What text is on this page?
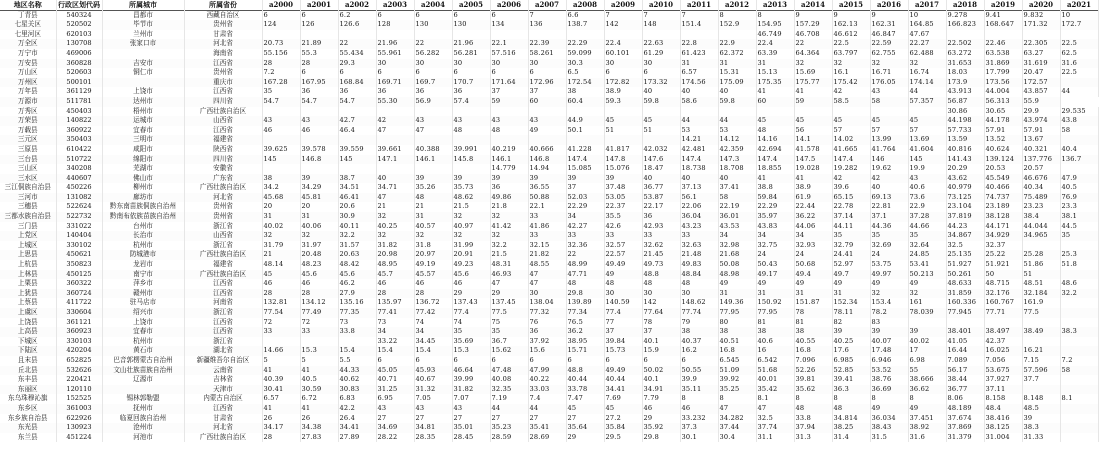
地区名称	行政区划代码	所属城市	所属省份	a2000	a2001	a2002	a2003	a2004	a2005	a2006	a2007	a2008	a2009	a2010	a2011	a2012	a2013	a2014	a2015	a2016	a2017	a2018	a2019	a2020	a2021
丁青县	540324	昌都市	西藏自治区	6	6	6.2	6	6	6	6	7	6.6	7	7	7	8	8	9	9	9	10	9.278	9.41	9.832	10
七星关区	520502	毕节市	贵州省	124	126	126.6	128	130	130	134	136	138.7	142	148	151.4	152.9	154.95	157.29	162.13	162.31	164.85	166.823	168.647	171.32	172.7
七里河区	620103	兰州市	甘肃省														46.749	46.708	46.612	46.847	47.67				
万全区	130708	张家口市	河北省	20.73	21.89	22	21.96	22	21.96	22.1	22.39	22.29	22.4	22.63	22.8	22.9	22.4	22	22.5	22.59	22.27	22.502	22.46	22.305	22.5
万宁市	469006		海南省	55.156	55.3	55.434	55.961	56.282	56.281	57.516	58.261	59.099	60.101	61.29	61.423	62.372	63.39	64.364	63.797	62.755	62.488	63.272	63.538	63.27	62.5
万安县	360828	吉安市	江西省	28	28	29.3	30	30	30	30	30	30.3	30	30	31	31	31	32	32	32	32	31.653	31.869	31.619	31.6
万山区	520603	铜仁市	贵州省	7.2	6	6	6	6	6	6	6	6.5	6	6	6.57	15.31	15.13	15.69	16.1	16.71	16.74	18.03	17.799	20.47	22.5
万州区	500101		重庆市	167.28	167.95	168.84	169.71	169.7	170.7	171.64	172.96	172.54	172.82	173.32	174.56	175.09	175.35	175.77	175.42	176.05	174.14	173.9	173.56	172.57	
万年县	361129	上饶市	江西省	35	36	36	36	36	36	37	37	38	38.9	40	40	40	41	41	42	43	44	43.913	44.004	43.857	44
万源市	511781	达州市	四川省	54.7	54.7	54.7	55.30	56.9	57.4	59	60	60.4	59.3	59.8	58.6	59.8	60	59	58.5	58	57.357	56.87	56.313	55.9	
万秀区	450403	梧州市	广西壮族自治区																			30.86	30.65	29.9	29.535
万荣县	140822	运城市	山西省	43	43	42.7	42	43	43	43	43	44.9	45	45	44	44	45	45	45	45	45	44.198	44.178	43.974	43.8
万载县	360922	宜春市	江西省	46	46	46.4	47	47	48	48	49	50.1	51	51	53	53	48	56	57	57	57	57.733	57.91	57.91	58
三元区	350403	三明市	福建省												14.21	14.12	14.16	14.1	14.02	13.99	13.69	13.59	13.52	13.67	
三原县	610422	咸阳市	陕西省	39.625	39.578	39.559	39.661	40.388	39.991	40.219	40.666	41.228	41.817	42.032	42.481	42.359	42.694	41.578	41.665	41.764	41.604	40.816	40.624	40.321	40.4
三台县	510722	绵阳市	四川省	145	146.8	145	147.1	146.1	145.8	146.1	146.8	147.4	147.8	147.6	147.4	147.3	147.4	147.5	147.4	146	145	141.43	139.124	137.776	136.7
三山区	340208	芜湖市	安徽省							14.779	14.94	15.085	15.076	18.47	18.738	18.708	18.855	19.028	19.282	19.62	19.9	20.29	20.53	20.57	
三水区	440607	佛山市	广东省	38	39	38.7	40	39	39	39	39	39	39	40	40	40	41	41	42	42	43	43.62	45.549	46.676	47.9
三江侗族自治县	450226	柳州市	广西壮族自治区	34.2	34.29	34.51	34.71	35.26	35.73	36	36.55	37	37.48	36.77	37.13	37.41	38.8	38.9	39.6	40	40.6	40.979	40.466	40.34	40.5
三河市	131082	廊坊市	河北省	45.68	45.81	46.41	47	48	48.62	49.86	50.88	52.03	53.05	53.87	56.1	58	59.84	61.9	65.15	69.13	73.6	73.125	74.737	75.489	76.9
三穗县	522624	黔东南苗族侗族自治州	贵州省	20	20	20.6	21	21	21.5	21.8	22.1	22.29	22.37	22.17	22.06	22.19	22.29	22.44	22.78	22.81	22.9	23.104	23.189	23.23	23.3
三都水族自治县	522732	黔南布依族苗族自治州	贵州省	31	31	30.9	32	31	32	32	33	34	35.5	36	36.04	36.01	35.97	36.22	37.14	37.1	37.28	37.819	38.128	38.4	38.1
三门县	331022	台州市	浙江省	40.02	40.06	40.11	40.25	40.57	40.97	41.42	41.86	42.27	42.6	42.93	43.23	43.53	43.83	44.06	44.11	44.36	44.66	44.23	44.171	44.044	44.5
上党区	140404	长治市	山西省	32	32	32.2	32	32	32	32	33	33	33	33	33	34	34	34	35	35	35	34.867	34.929	34.965	35
上城区	330102	杭州市	浙江省	31.79	31.97	31.57	31.82	31.8	31.99	32.2	32.15	32.36	32.57	32.62	32.63	32.98	32.75	32.93	32.79	32.69	32.64	32.5	32.37		
上思县	450621	防城港市	广西壮族自治区	21	20.48	20.63	20.98	20.97	20.91	21.5	21.82	22	22.57	21.45	21.48	21.68	24	24	24.41	24	24.85	25.135	25.22	25.28	25.3
上杭县	350823	龙岩市	福建省	48.14	48.23	48.42	48.95	49.19	49.23	48.31	48.55	48.99	49.49	49.73	49.83	50.08	50.43	50.68	52.97	53.75	53.41	51.927	51.921	51.86	51.8
上林县	450125	南宁市	广西壮族自治区	45	45.6	45.6	45.7	45.57	45.6	46.93	47	47.71	49	48.8	48.84	48.98	49.17	49.4	49.7	49.97	50.213	50.261	50	51	
上栗县	360322	萍乡市	江西省	46	46	46.2	46	46	46	47	47	48	48	48	48	49	49	49	49	49	49	48.633	48.715	48.51	48.6
上犹县	360724	赣州市	江西省	28	28	27.9	28	28	29	29	30	29.8	30	30	30	31	31	31	31	32	32	31.859	32.176	32.184	32.2
上蔡县	411722	驻马店市	河南省	132.81	134.12	135.16	135.97	136.72	137.43	137.45	138.04	139.89	140.59	142	148.62	149.36	150.92	151.87	152.34	153.4	161	160.336	160.767	161.9	
上虞区	330604	绍兴市	浙江省	77.54	77.49	77.35	77.41	77.42	77.4	77.5	77.32	77.34	77.4	77.64	77.74	77.95	77.95	78	78.11	78.2	78.039	77.945	77.71	77.5	
上饶县	361121	上饶市	江西省	72	72	73	73	74	74	75	76	76.5	77	78	79	80	81	81	82	83					
上高县	360923	宜春市	江西省	33	33	33.8	34	34	35	35	36	36.2	37	37	38	38	38	38	39	39	39	38.401	38.497	38.49	38.3
下城区	330103	杭州市	浙江省				33.22	34.45	35.69	36.7	37.92	38.95	39.84	40.1	40.37	40.51	40.6	40.55	40.25	40.07	40.02	41.05	42.37		
下陆区	420204	黄石市	湖北省	14.66	15.3	15.4	15.4	15.4	15.3	15.62	15.6	15.71	15.73	15.9	16.2	16.8	16	16.8	17.6	17.48	17	16.44	16.025	16.21	
且末县	652825	巴音郭楞蒙古自治州	新疆维吾尔自治区	5	5	5.5	6	6	6	6	6	6	6	6	6	6.545	6.542	7.096	6.985	6.946	6.98	7.089	7.056	7.15	7.2
丘北县	532626	文山壮族苗族自治州	云南省	41	41	44.33	45.05	45.93	46.64	47.48	47.99	48.8	49.49	50.02	50.55	51.09	51.68	52.26	52.85	53.52	55	56.17	53.675	57.596	58
东丰县	220421	辽源市	吉林省	40.39	40.5	40.62	40.71	40.67	39.99	40.08	40.22	40.44	40.44	40.1	39.9	39.92	40.01	39.81	39.41	38.76	38.666	38.44	37.927	37.7	
东丽区	120110		天津市	30.41	30.59	30.83	31.25	31.32	31.82	32.35	33.03	33.78	34.41	34.91	35.11	35.25	35.42	35.62	36.3	36.69	36.62	36.77	37.11		
东乌珠穆沁旗	152525	锡林郭勒盟	内蒙古自治区	6.57	6.72	6.83	6.95	7.05	7.07	7.19	7.4	7.47	7.69	7.79	8	8	8.1	8	8	8	8	8.06	8.158	8.148	8.1
东乡区	361003	抚州市	江西省	41	41	42.2	43	43	43	44	44	45	45	46	46	47	47	48	48	49	49	48.189	48.4	48.5	
东乡族自治县	622926	临夏回族自治州	甘肃省	26	26	26.4	27	27	27	27	27	27	27.2	29	33.232	34.282	32.5	33.8	34.814	36.034	37.451	37.674	38.416	39	
东光县	130923	沧州市	河北省	34.17	34.38	34.41	34.69	34.81	35.01	35.23	35.41	35.64	35.84	35.92	37.3	37.44	37.74	37.94	38.25	38.43	38.92	37.869	38.125	38.3	
东兰县	451224	河池市	广西壮族自治区	28	27.83	27.89	28.22	28.35	28.45	28.59	28.69	29	29.5	29.8	30.1	30.4	31.1	31.3	31.4	31.5	31.6	31.379	31.004	31.33	
